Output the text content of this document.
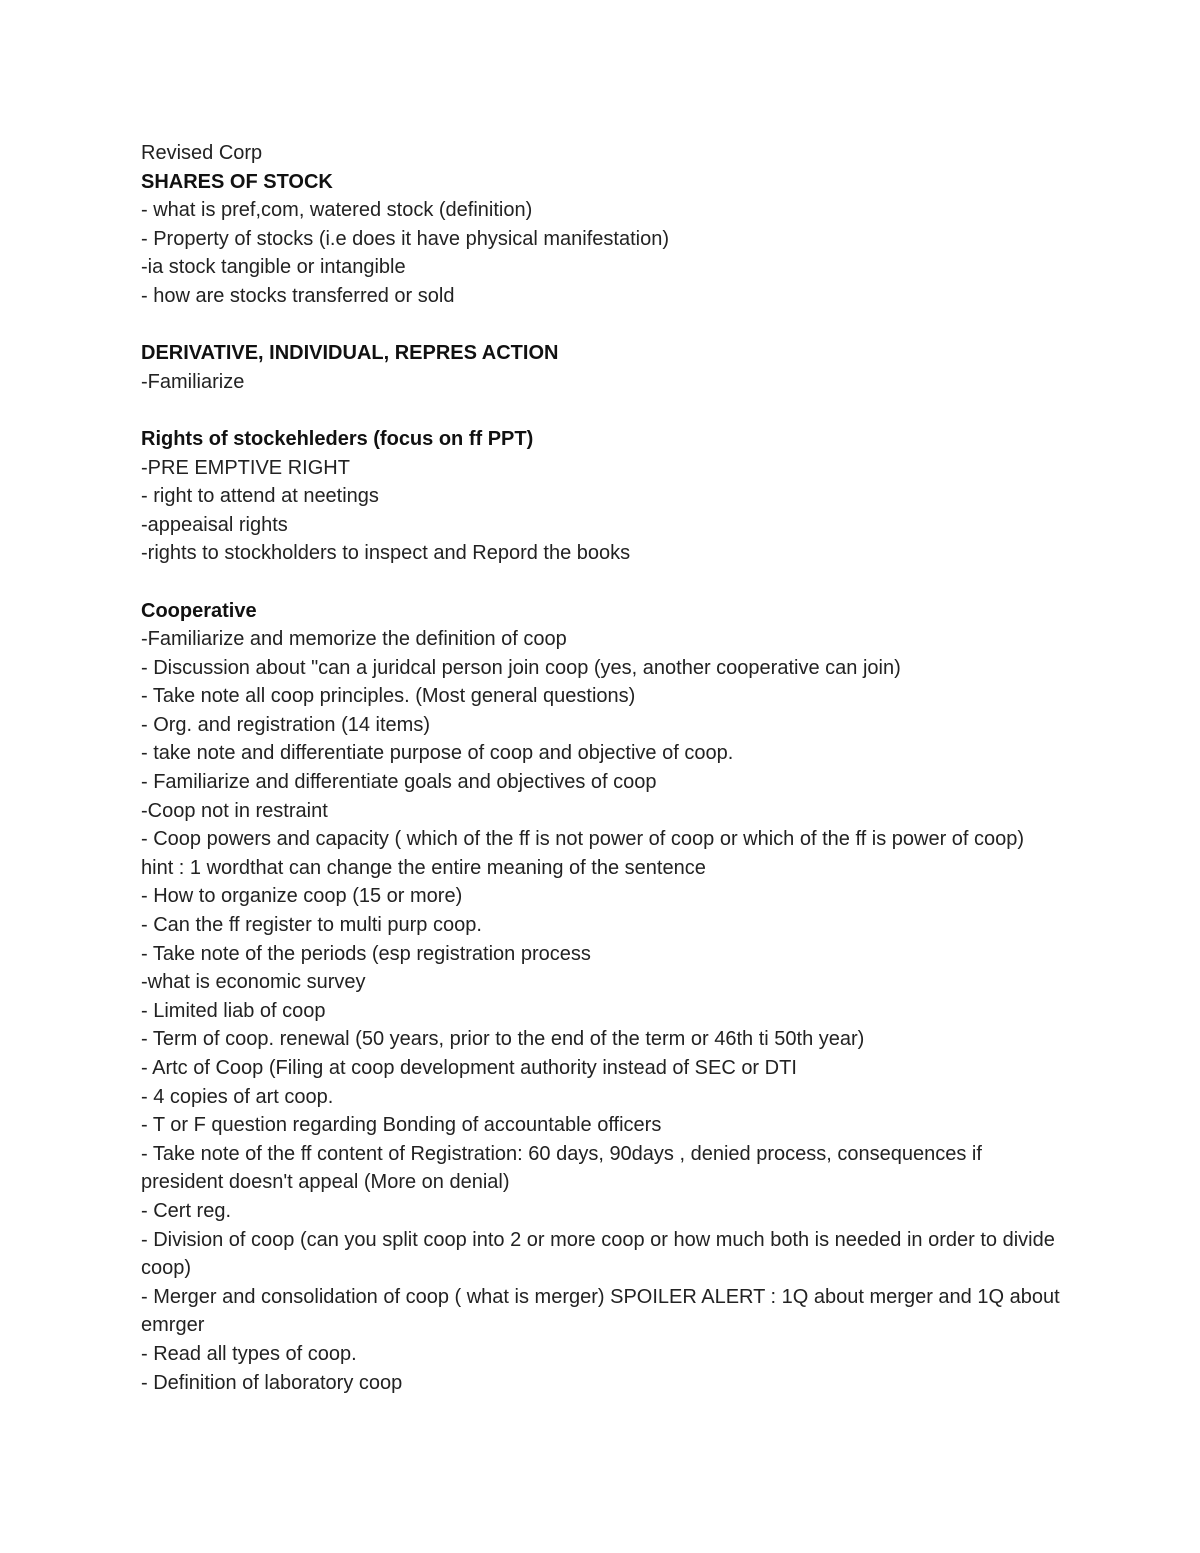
Revised Corp

SHARES OF STOCK

- what is pref,com, watered stock (definition)

- Property of stocks (i.e does it have physical manifestation)

-ia stock tangible or intangible

- how are stocks transferred or sold

DERIVATIVE, INDIVIDUAL, REPRES ACTION

-Familiarize

Rights of stockehleders (focus on ff PPT)

-PRE EMPTIVE RIGHT

- right to attend at neetings

-appeaisal rights

-rights to stockholders to inspect and Repord the books

Cooperative

-Familiarize and memorize the definition of coop

- Discussion about "can a juridcal person join coop (yes, another cooperative can join)

- Take note all coop principles. (Most general questions)

- Org. and registration (14 items)

- take note and differentiate purpose of coop and objective of coop.

- Familiarize and differentiate goals and objectives of coop

-Coop not in restraint

- Coop powers and capacity ( which of the ff is not power of coop or which of the ff is power of coop) hint : 1 wordthat can change the entire meaning of the sentence

- How to organize coop (15 or more)

- Can the ff register to multi purp coop.

- Take note of the periods (esp registration process

-what is economic survey

- Limited liab of coop

- Term of coop. renewal (50 years, prior to the end of the term or 46th ti 50th year)

- Artc of Coop (Filing at coop development authority instead of SEC or DTI

- 4 copies of art coop.

- T or F question regarding Bonding of accountable officers

- Take note of the ff content of Registration: 60 days, 90days , denied process, consequences if president doesn't appeal (More on denial)

- Cert reg.

- Division of coop (can you split coop into 2 or more coop or how much both is needed in order to divide coop)

- Merger and consolidation of coop ( what is merger) SPOILER ALERT : 1Q about merger and 1Q about emrger

- Read all types of coop.

- Definition of laboratory coop
